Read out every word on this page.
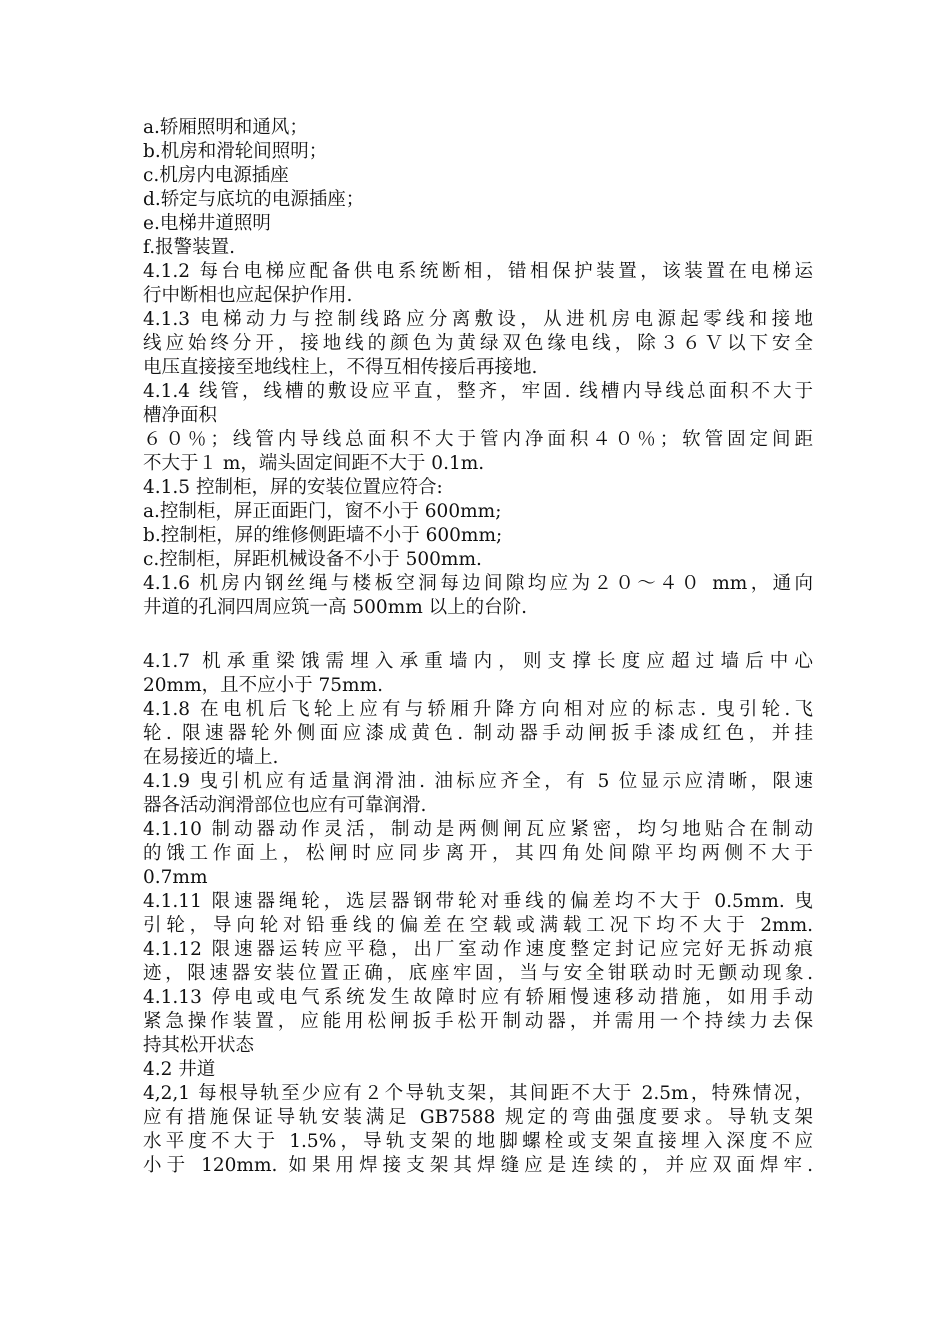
a.轿厢照明和通风；
b.机房和滑轮间照明；
c.机房内电源插座
d.轿定与底坑的电源插座；
e.电梯井道照明
f.报警装置.
4.1.2 每台电梯应配备供电系统断相，错相保护装置，该装置在电梯运
行中断相也应起保护作用.
4.1.3 电梯动力与控制线路应分离敷设，从进机房电源起零线和接地
线应始终分开，接地线的颜色为黄绿双色缘电线，除３６Ｖ以下安全
电压直接接至地线柱上，不得互相传接后再接地.
4.1.4 线管，线槽的敷设应平直，整齐，牢固. 线槽内导线总面积不大于
槽净面积
６０％；线管内导线总面积不大于管内净面积４０％；软管固定间距
不大于１ m，端头固定间距不大于 0.1m.
4.1.5 控制柜，屏的安装位置应符合:
a.控制柜，屏正面距门，窗不小于 600mm;
b.控制柜，屏的维修侧距墙不小于 600mm;
c.控制柜，屏距机械设备不小于 500mm.
4.1.6 机房内钢丝绳与楼板空洞每边间隙均应为２０～４０ mm，通向
井道的孔洞四周应筑一高 500mm 以上的台阶.
4.1.7 机承重梁饿需埋入承重墙内，则支撑长度应超过墙后中心
20mm，且不应小于 75mm.
4.1.8 在电机后飞轮上应有与轿厢升降方向相对应的标志. 曳引轮.飞
轮. 限速器轮外侧面应漆成黄色. 制动器手动闸扳手漆成红色，并挂
在易接近的墙上.
4.1.9 曳引机应有适量润滑油. 油标应齐全，有 5 位显示应清晰，限速
器各活动润滑部位也应有可靠润滑.
4.1.10 制动器动作灵活，制动是两侧闸瓦应紧密，均匀地贴合在制动
的饿工作面上，松闸时应同步离开，其四角处间隙平均两侧不大于
0.7mm
4.1.11 限速器绳轮，选层器钢带轮对垂线的偏差均不大于 0.5mm. 曳
引轮，导向轮对铅垂线的偏差在空载或满载工况下均不大于 2mm.
4.1.12 限速器运转应平稳，出厂室动作速度整定封记应完好无拆动痕
迹，限速器安装位置正确，底座牢固，当与安全钳联动时无颤动现象.
4.1.13 停电或电气系统发生故障时应有轿厢慢速移动措施，如用手动
紧急操作装置，应能用松闸扳手松开制动器，并需用一个持续力去保
持其松开状态
4.2 井道
4,2,1 每根导轨至少应有２个导轨支架，其间距不大于 2.5m，特殊情况，
应有措施保证导轨安装满足 GB7588 规定的弯曲强度要求。导轨支架
水平度不大于 1.5%，导轨支架的地脚螺栓或支架直接埋入深度不应
小于 120mm. 如果用焊接支架其焊缝应是连续的，并应双面焊牢.
